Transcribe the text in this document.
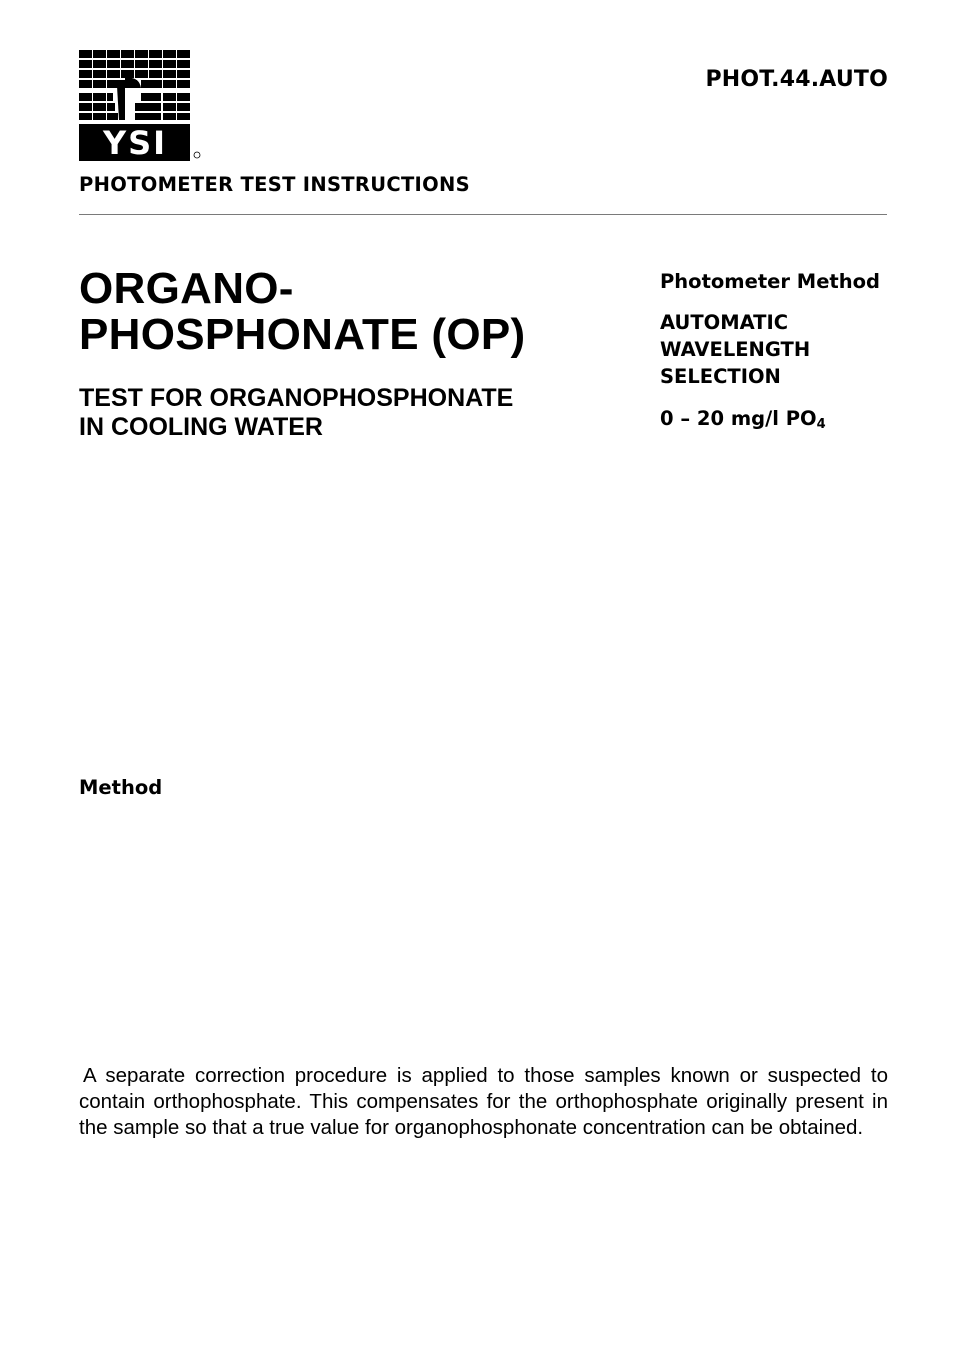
YSI
PHOT.44.AUTO
PHOTOMETER TEST INSTRUCTIONS
ORGANO-
PHOSPHONATE (OP)
TEST FOR ORGANOPHOSPHONATE
IN COOLING WATER
Photometer Method
AUTOMATIC
WAVELENGTH
SELECTION
0 – 20 mg/l $PO_4$
Method

A separate correction procedure is applied to those samples known or suspected to contain orthophosphate. This compensates for the orthophosphate originally present in the sample so that a true value for organophosphonate concentration can be obtained.
